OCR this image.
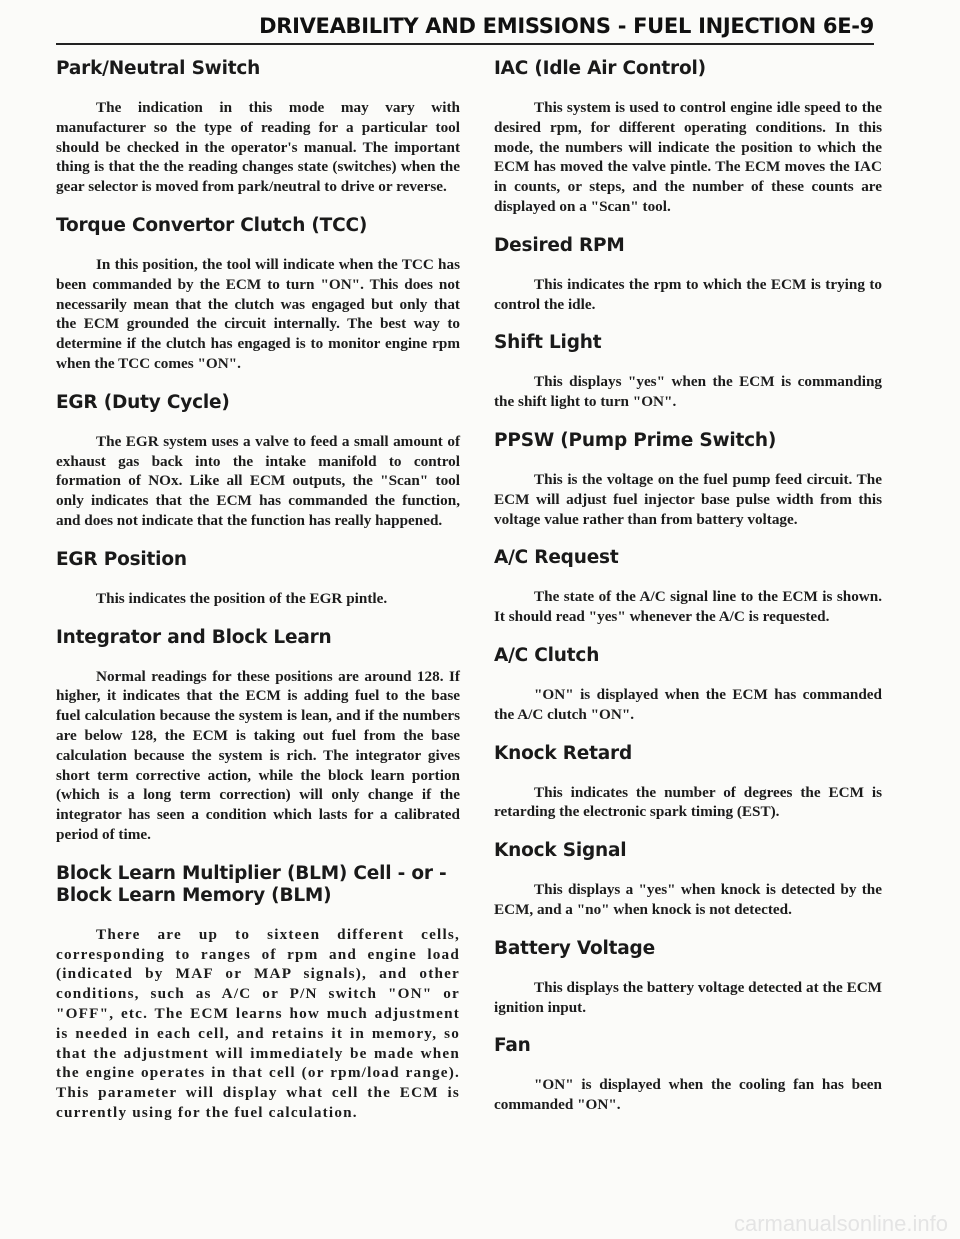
DRIVEABILITY AND EMISSIONS - FUEL INJECTION 6E-9
Park/Neutral Switch

The indication in this mode may vary with manufacturer so the type of reading for a particular tool should be checked in the operator's manual. The important thing is that the the reading changes state (switches) when the gear selector is moved from park/neutral to drive or reverse.

Torque Convertor Clutch (TCC)

In this position, the tool will indicate when the TCC has been commanded by the ECM to turn "ON". This does not necessarily mean that the clutch was engaged but only that the ECM grounded the circuit internally. The best way to determine if the clutch has engaged is to monitor engine rpm when the TCC comes "ON".

EGR (Duty Cycle)

The EGR system uses a valve to feed a small amount of exhaust gas back into the intake manifold to control formation of NOx. Like all ECM outputs, the "Scan" tool only indicates that the ECM has commanded the function, and does not indicate that the function has really happened.

EGR Position

This indicates the position of the EGR pintle.

Integrator and Block Learn

Normal readings for these positions are around 128. If higher, it indicates that the ECM is adding fuel to the base fuel calculation because the system is lean, and if the numbers are below 128, the ECM is taking out fuel from the base calculation because the system is rich. The integrator gives short term corrective action, while the block learn portion (which is a long term correction) will only change if the integrator has seen a condition which lasts for a calibrated period of time.

Block Learn Multiplier (BLM) Cell - or - Block Learn Memory (BLM)

There are up to sixteen different cells, corresponding to ranges of rpm and engine load (indicated by MAF or MAP signals), and other conditions, such as A/C or P/N switch "ON" or "OFF", etc. The ECM learns how much adjustment is needed in each cell, and retains it in memory, so that the adjustment will immediately be made when the engine operates in that cell (or rpm/load range). This parameter will display what cell the ECM is currently using for the fuel calculation.

IAC (Idle Air Control)

This system is used to control engine idle speed to the desired rpm, for different operating conditions. In this mode, the numbers will indicate the position to which the ECM has moved the valve pintle. The ECM moves the IAC in counts, or steps, and the number of these counts are displayed on a "Scan" tool.

Desired RPM

This indicates the rpm to which the ECM is trying to control the idle.

Shift Light

This displays "yes" when the ECM is commanding the shift light to turn "ON".

PPSW (Pump Prime Switch)

This is the voltage on the fuel pump feed circuit. The ECM will adjust fuel injector base pulse width from this voltage value rather than from battery voltage.

A/C Request

The state of the A/C signal line to the ECM is shown. It should read "yes" whenever the A/C is requested.

A/C Clutch

"ON" is displayed when the ECM has commanded the A/C clutch "ON".

Knock Retard

This indicates the number of degrees the ECM is retarding the electronic spark timing (EST).

Knock Signal

This displays a "yes" when knock is detected by the ECM, and a "no" when knock is not detected.

Battery Voltage

This displays the battery voltage detected at the ECM ignition input.

Fan

"ON" is displayed when the cooling fan has been commanded "ON".

carmanualsonline.info
